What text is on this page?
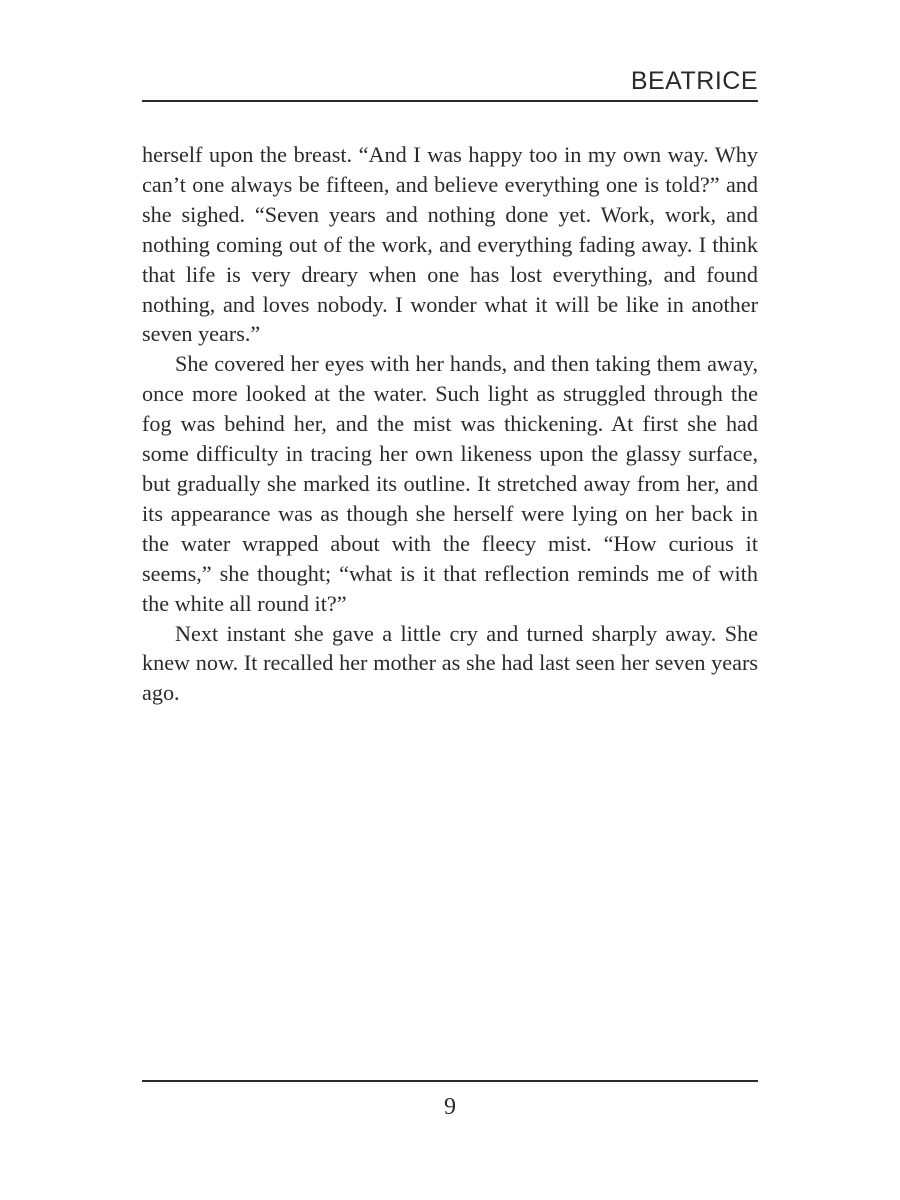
BEATRICE

herself upon the breast. “And I was happy too in my own way. Why can’t one always be fifteen, and believe everything one is told?” and she sighed. “Seven years and nothing done yet. Work, work, and nothing coming out of the work, and everything fading away. I think that life is very dreary when one has lost everything, and found nothing, and loves nobody. I wonder what it will be like in another seven years.”

She covered her eyes with her hands, and then taking them away, once more looked at the water. Such light as struggled through the fog was behind her, and the mist was thickening. At first she had some difficulty in tracing her own likeness upon the glassy surface, but gradually she marked its outline. It stretched away from her, and its appearance was as though she herself were lying on her back in the water wrapped about with the fleecy mist. “How curious it seems,” she thought; “what is it that reflection reminds me of with the white all round it?”

Next instant she gave a little cry and turned sharply away. She knew now. It recalled her mother as she had last seen her seven years ago.

9
